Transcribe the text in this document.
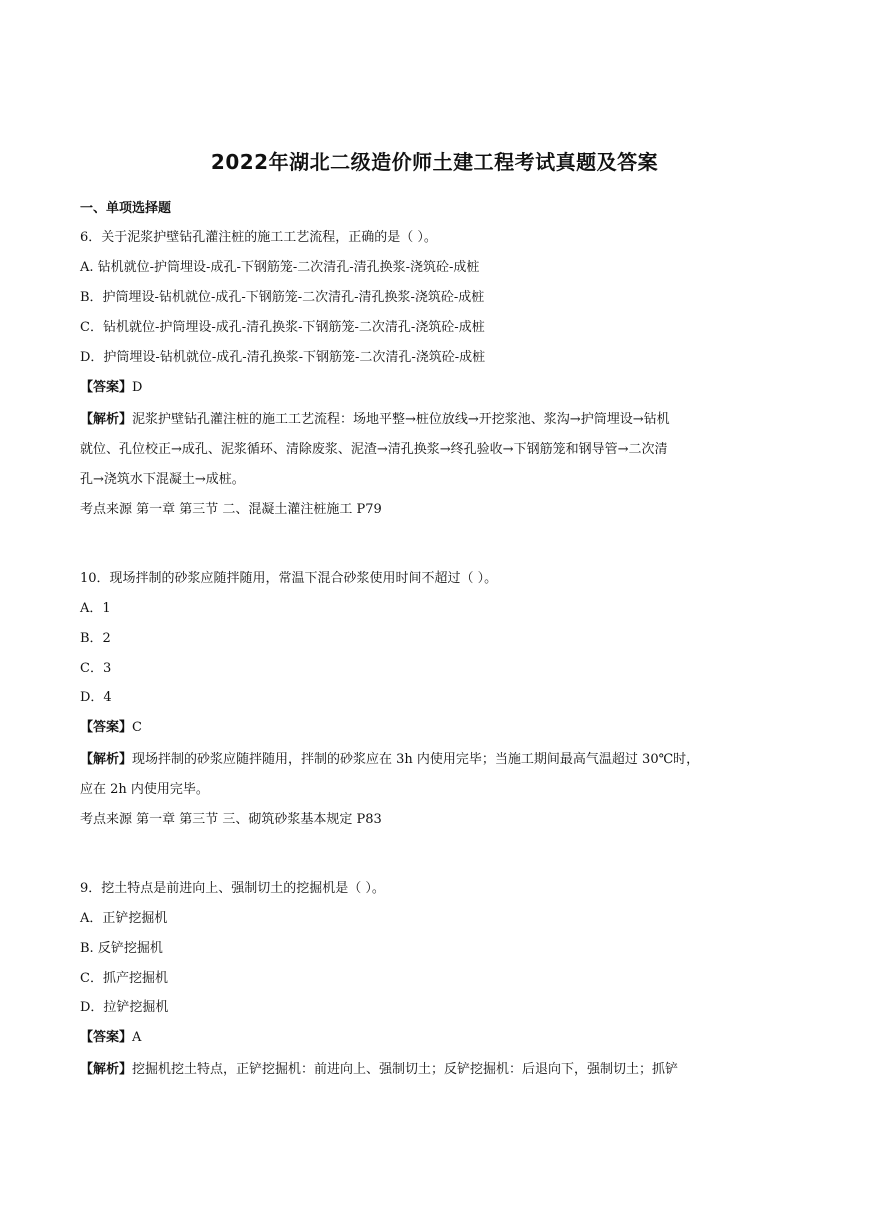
2022年湖北二级造价师土建工程考试真题及答案
一、单项选择题
6．关于泥浆护壁钻孔灌注桩的施工工艺流程，正确的是（ ）。
A. 钻机就位-护筒埋设-成孔-下钢筋笼-二次清孔-清孔换浆-浇筑砼-成桩
B．护筒埋设-钻机就位-成孔-下钢筋笼-二次清孔-清孔换浆-浇筑砼-成桩
C．钻机就位-护筒埋设-成孔-清孔换浆-下钢筋笼-二次清孔-浇筑砼-成桩
D．护筒埋设-钻机就位-成孔-清孔换浆-下钢筋笼-二次清孔-浇筑砼-成桩
【答案】D
【解析】泥浆护壁钻孔灌注桩的施工工艺流程：场地平整→桩位放线→开挖浆池、浆沟→护筒埋设→钻机
就位、孔位校正→成孔、泥浆循环、清除废浆、泥渣→清孔换浆→终孔验收→下钢筋笼和钢导管→二次清
孔→浇筑水下混凝土→成桩。
考点来源 第一章 第三节 二、混凝土灌注桩施工 P79
10．现场拌制的砂浆应随拌随用，常温下混合砂浆使用时间不超过（ ）。
A．1
B．2
C．3
D．4
【答案】C
【解析】现场拌制的砂浆应随拌随用，拌制的砂浆应在 3h 内使用完毕；当施工期间最高气温超过 30℃时，
应在 2h 内使用完毕。
考点来源 第一章 第三节 三、砌筑砂浆基本规定 P83
9．挖土特点是前进向上、强制切土的挖掘机是（ ）。
A．正铲挖掘机
B. 反铲挖掘机
C．抓产挖掘机
D．拉铲挖掘机
【答案】A
【解析】挖掘机挖土特点，正铲挖掘机：前进向上、强制切土；反铲挖掘机：后退向下，强制切土；抓铲
